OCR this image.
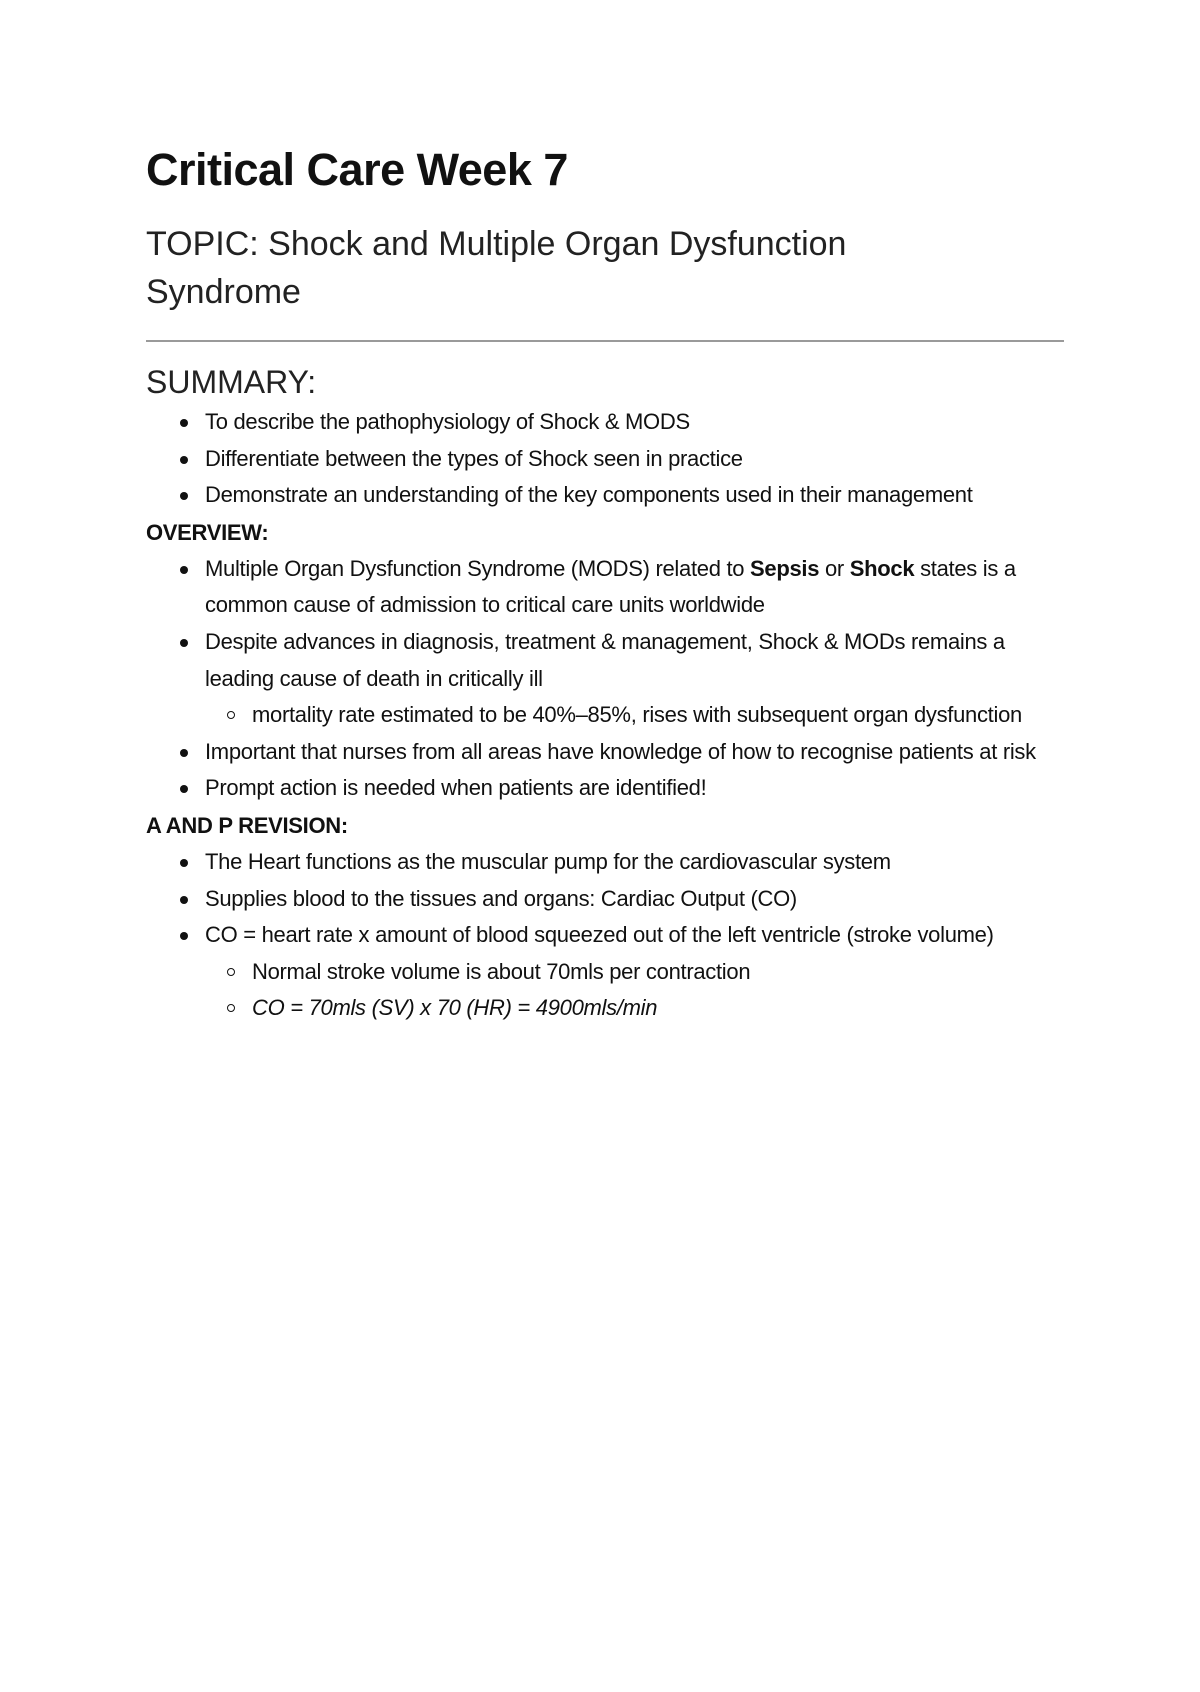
Critical Care Week 7
TOPIC: Shock and Multiple Organ Dysfunction Syndrome
SUMMARY:
To describe the pathophysiology of Shock & MODS
Differentiate between the types of Shock seen in practice
Demonstrate an understanding of the key components used in their management
OVERVIEW:
Multiple Organ Dysfunction Syndrome (MODS) related to Sepsis or Shock states is a common cause of admission to critical care units worldwide
Despite advances in diagnosis, treatment & management, Shock & MODs remains a leading cause of death in critically ill
mortality rate estimated to be 40%–85%, rises with subsequent organ dysfunction
Important that nurses from all areas have knowledge of how to recognise patients at risk
Prompt action is needed when patients are identified!
A AND P REVISION:
The Heart functions as the muscular pump for the cardiovascular system
Supplies blood to the tissues and organs: Cardiac Output (CO)
CO = heart rate x amount of blood squeezed out of the left ventricle (stroke volume)
Normal stroke volume is about 70mls per contraction
CO = 70mls (SV) x 70 (HR) = 4900mls/min
